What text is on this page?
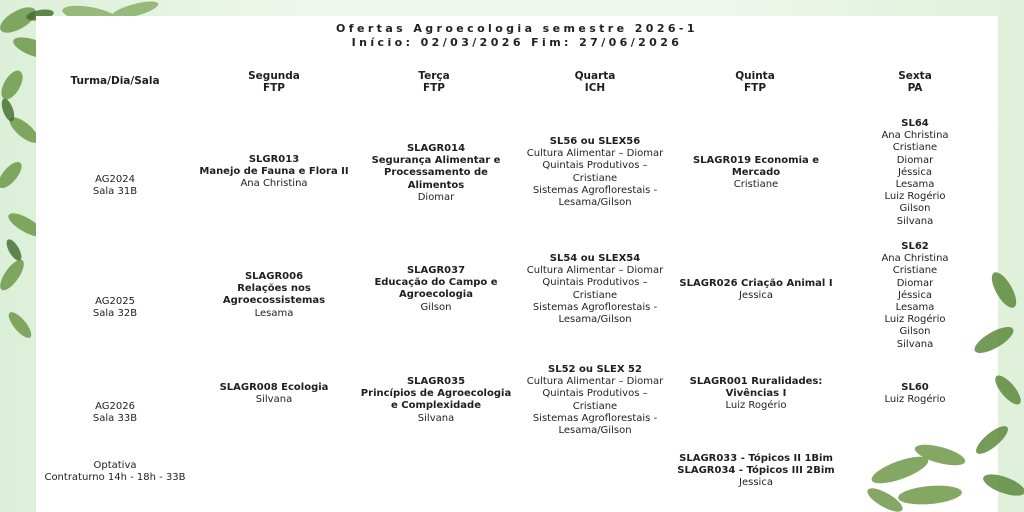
Ofertas Agroecologia semestre 2026-1
Início: 02/03/2026 Fim: 27/06/2026
Turma/Dia/Sala	Segunda
FTP
Terça
FTP
Quarta
ICH
Quinta
FTP
Sexta
PA
AG2024
Sala 31B
SLGR013
Manejo de Fauna e Flora II
Ana Christina
SLAGR014
Segurança Alimentar e
Processamento de
Alimentos
Diomar
SL56 ou SLEX56
Cultura Alimentar – Diomar
Quintais Produtivos –
Cristiane
Sistemas Agroflorestais -
Lesama/Gilson
SLAGR019 Economia e
Mercado
Cristiane
SL64
Ana Christina
Cristiane
Diomar
Jéssica
Lesama
Luiz Rogério
Gilson
Silvana
AG2025
Sala 32B
SLAGR006
Relações nos
Agroecossistemas
Lesama
SLAGR037
Educação do Campo e
Agroecologia
Gilson
SL54 ou SLEX54
Cultura Alimentar – Diomar
Quintais Produtivos –
Cristiane
Sistemas Agroflorestais -
Lesama/Gilson
SLAGR026 Criação Animal I
Jessica
SL62
Ana Christina
Cristiane
Diomar
Jéssica
Lesama
Luiz Rogério
Gilson
Silvana
AG2026
Sala 33B
SLAGR008 Ecologia
Silvana
SLAGR035
Princípios de Agroecologia
e Complexidade
Silvana
SL52 ou SLEX 52
Cultura Alimentar – Diomar
Quintais Produtivos –
Cristiane
Sistemas Agroflorestais -
Lesama/Gilson
SLAGR001 Ruralidades:
Vivências I
Luiz Rogério
SL60
Luiz Rogério
Optativa
Contraturno 14h - 18h - 33B
SLAGR033 - Tópicos II 1Bim
SLAGR034 - Tópicos III 2Bim
Jessica
